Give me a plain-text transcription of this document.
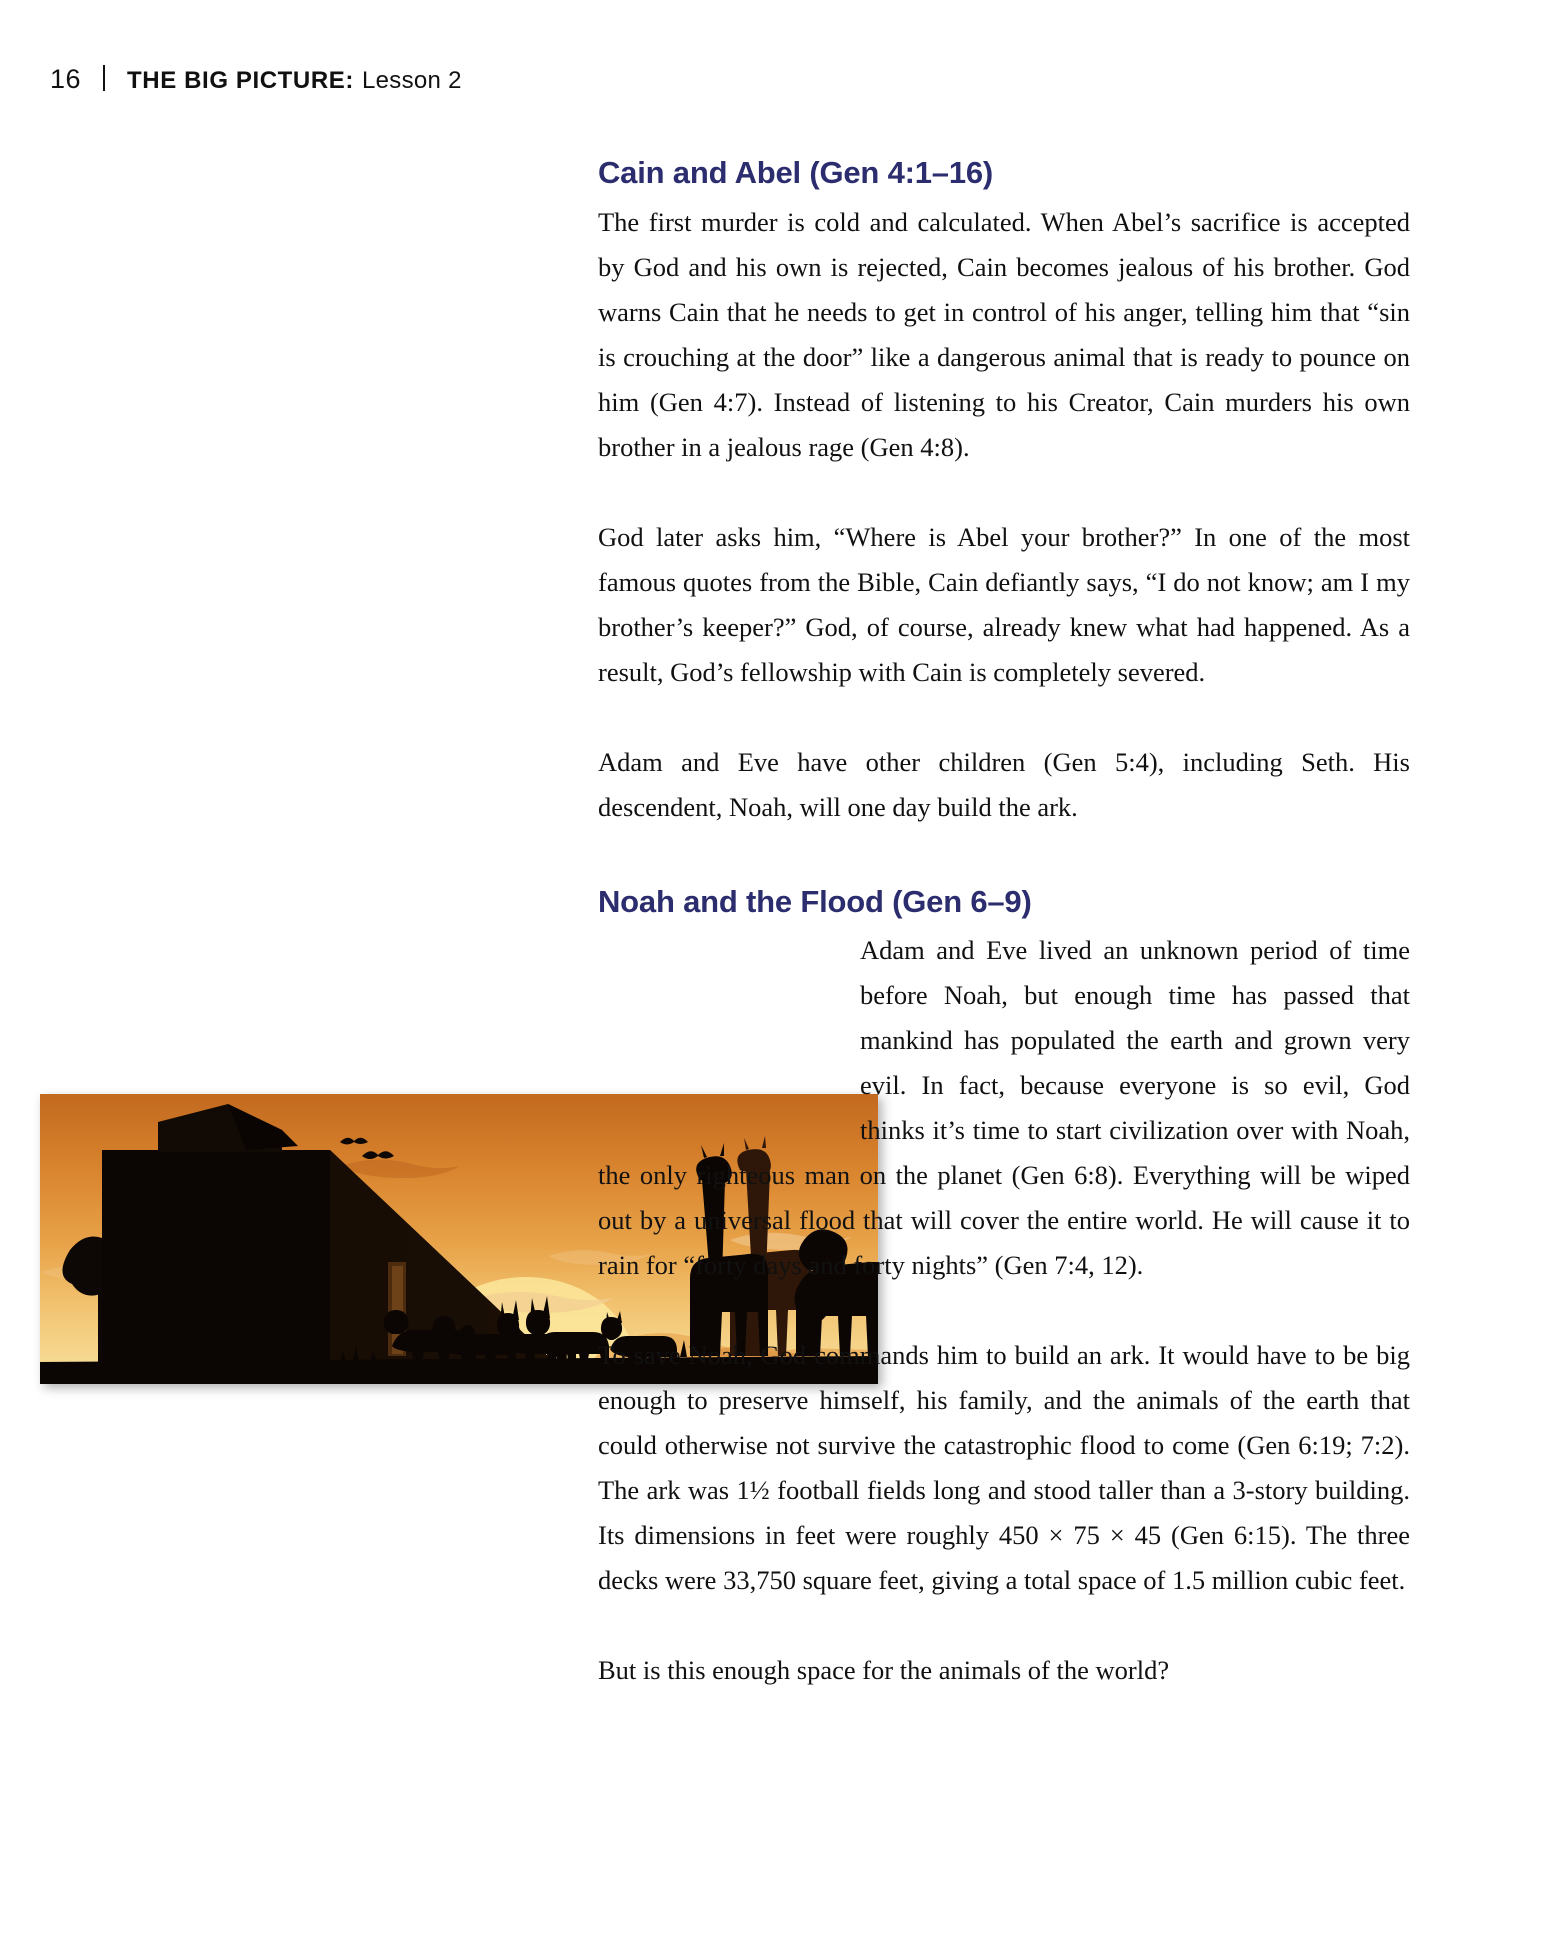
16 THE BIG PICTURE: Lesson 2
Cain and Abel (Gen 4:1–16)

The first murder is cold and calculated. When Abel’s sacrifice is accepted by God and his own is rejected, Cain becomes jealous of his brother. God warns Cain that he needs to get in control of his anger, telling him that “sin is crouching at the door” like a dangerous animal that is ready to pounce on him (Gen 4:7). Instead of listening to his Creator, Cain murders his own brother in a jealous rage (Gen 4:8).

God later asks him, “Where is Abel your brother?” In one of the most famous quotes from the Bible, Cain defiantly says, “I do not know; am I my brother’s keeper?” God, of course, already knew what had happened. As a result, God’s fellowship with Cain is completely severed.

Adam and Eve have other children (Gen 5:4), including Seth. His descendent, Noah, will one day build the ark.

Noah and the Flood (Gen 6–9)

Adam and Eve lived an unknown period of time before Noah, but enough time has passed that mankind has populated the earth and grown very evil. In fact, because everyone is so evil, God thinks it’s time to start civilization over with Noah, the only righteous man on the planet (Gen 6:8). Everything will be wiped out by a universal flood that will cover the entire world. He will cause it to rain for “forty days and forty nights” (Gen 7:4, 12).

To save Noah, God commands him to build an ark. It would have to be big enough to preserve himself, his family, and the animals of the earth that could otherwise not survive the catastrophic flood to come (Gen 6:19; 7:2). The ark was 1½ football fields long and stood taller than a 3-story building. Its dimensions in feet were roughly 450 × 75 × 45 (Gen 6:15). The three decks were 33,750 square feet, giving a total space of 1.5 million cubic feet.

But is this enough space for the animals of the world?
